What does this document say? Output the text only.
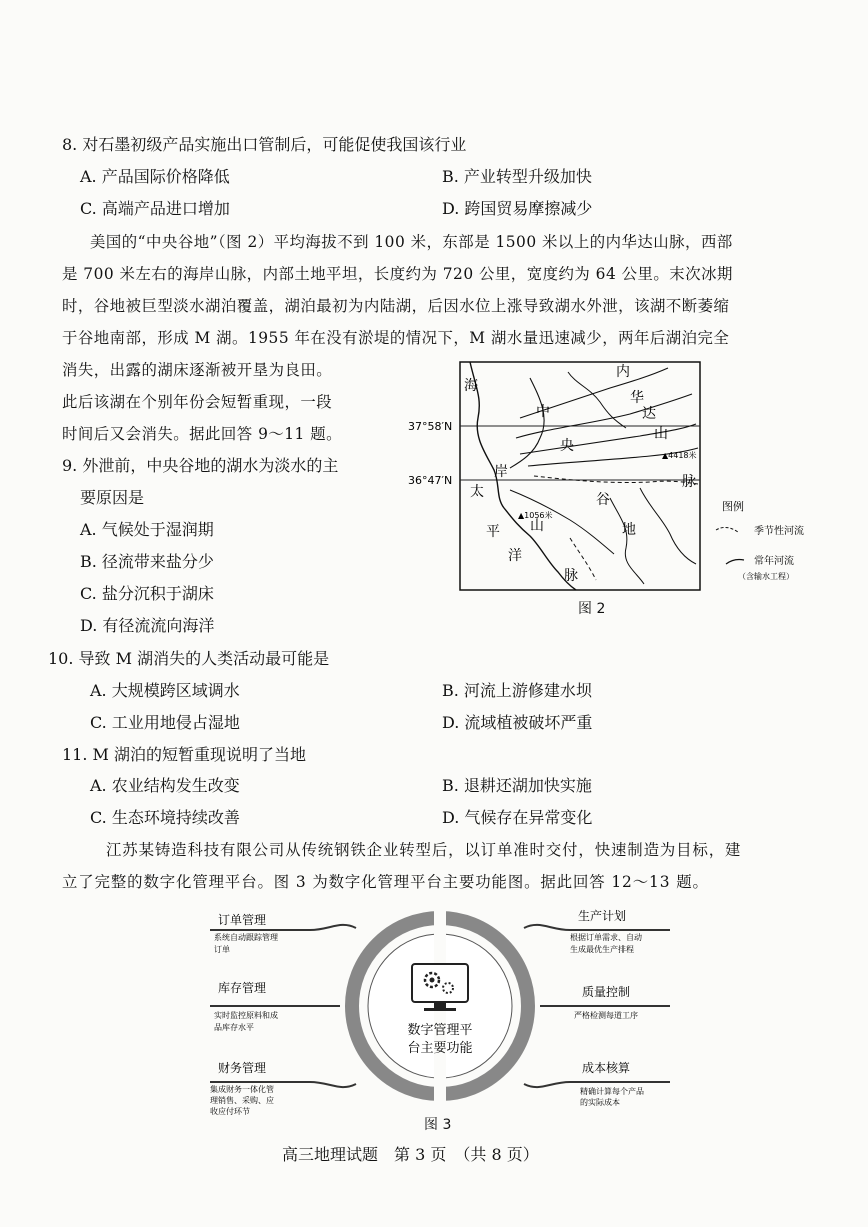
8. 对石墨初级产品实施出口管制后，可能促使我国该行业
A. 产品国际价格降低	B. 产业转型升级加快
C. 高端产品进口增加	D. 跨国贸易摩擦减少
美国的“中央谷地”（图 2）平均海拔不到 100 米，东部是 1500 米以上的内华达山脉，西部
是 700 米左右的海岸山脉，内部土地平坦，长度约为 720 公里，宽度约为 64 公里。末次冰期
时，谷地被巨型淡水湖泊覆盖，湖泊最初为内陆湖，后因水位上涨导致湖水外泄，该湖不断萎缩
于谷地南部，形成 M 湖。1955 年在没有淤堤的情况下，M 湖水量迅速减少，两年后湖泊完全
消失，出露的湖床逐渐被开垦为良田。
此后该湖在个别年份会短暂重现，一段
时间后又会消失。据此回答 9～11 题。
9. 外泄前，中央谷地的湖水为淡水的主
要原因是
A. 气候处于湿润期
B. 径流带来盐分少
C. 盐分沉积于湖床
D. 有径流流向海洋
海
岸
内
华
达
山
脉
中
央
谷
地
太
平
洋
山
脉
▲4418米
▲1056米
37°58′N
36°47′N
图例
季节性河流
常年河流
（含输水工程）
图 2
10. 导致 M 湖消失的人类活动最可能是
A. 大规模跨区域调水	B. 河流上游修建水坝
C. 工业用地侵占湿地	D. 流域植被破坏严重
11. M 湖泊的短暂重现说明了当地
A. 农业结构发生改变	B. 退耕还湖加快实施
C. 生态环境持续改善	D. 气候存在异常变化
江苏某铸造科技有限公司从传统钢铁企业转型后，以订单准时交付，快速制造为目标，建
立了完整的数字化管理平台。图 3 为数字化管理平台主要功能图。据此回答 12～13 题。
数字管理平
台主要功能
订单管理
系统自动跟踪管理
订单
库存管理
实时监控原料和成
品库存水平
财务管理
集成财务一体化管
理销售、采购、应
收应付环节
生产计划
根据订单需求、自动
生成最优生产排程
质量控制
严格检测每道工序
成本核算
精确计算每个产品
的实际成本
图 3
高三地理试题　第 3 页　（共 8 页）
